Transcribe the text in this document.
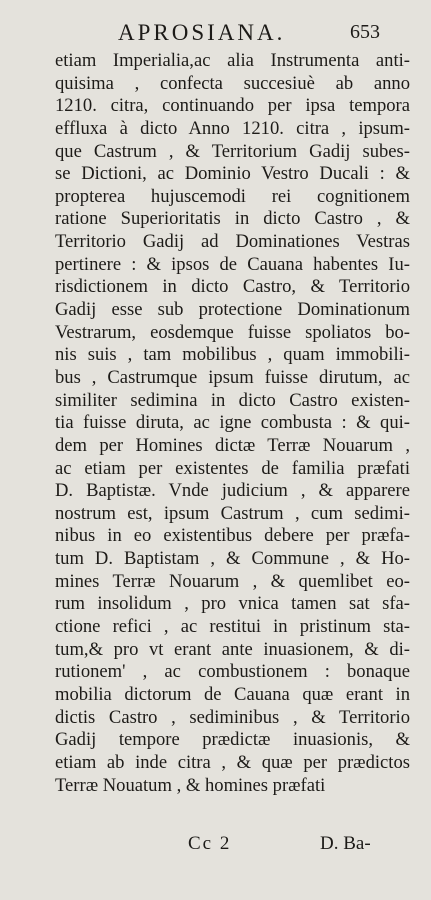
APROSIANA.	653
etiam Imperialia,ac alia Instrumenta anti-
quisima , confecta succesiuè ab anno
1210. citra, continuando per ipsa tempora
effluxa à dicto Anno 1210. citra , ipsum-
que Castrum , & Territorium Gadij subes-
se Dictioni, ac Dominio Vestro Ducali : &
propterea hujuscemodi rei cognitionem
ratione Superioritatis in dicto Castro , &
Territorio Gadij ad Dominationes Vestras
pertinere : & ipsos de Cauana habentes Iu-
risdictionem in dicto Castro, & Territorio
Gadij esse sub protectione Dominationum
Vestrarum, eosdemque fuisse spoliatos bo-
nis suis , tam mobilibus , quam immobili-
bus , Castrumque ipsum fuisse dirutum, ac
similiter sedimina in dicto Castro existen-
tia fuisse diruta, ac igne combusta : & qui-
dem per Homines dictæ Terræ Nouarum ,
ac etiam per existentes de familia præfati
D. Baptistæ. Vnde judicium , & apparere
nostrum est, ipsum Castrum , cum sedimi-
nibus in eo existentibus debere per præfa-
tum D. Baptistam , & Commune , & Ho-
mines Terræ Nouarum , & quemlibet eo-
rum insolidum , pro vnica tamen sat sfa-
ctione refici , ac restitui in pristinum sta-
tum,& pro vt erant ante inuasionem, & di-
rutionem' , ac combustionem : bonaque
mobilia dictorum de Cauana quæ erant in
dictis Castro , sediminibus , & Territorio
Gadij tempore prædictæ inuasionis, &
etiam ab inde citra , & quæ per prædictos
Terræ Nouatum , & homines præfati
Cc 2	D. Ba-
